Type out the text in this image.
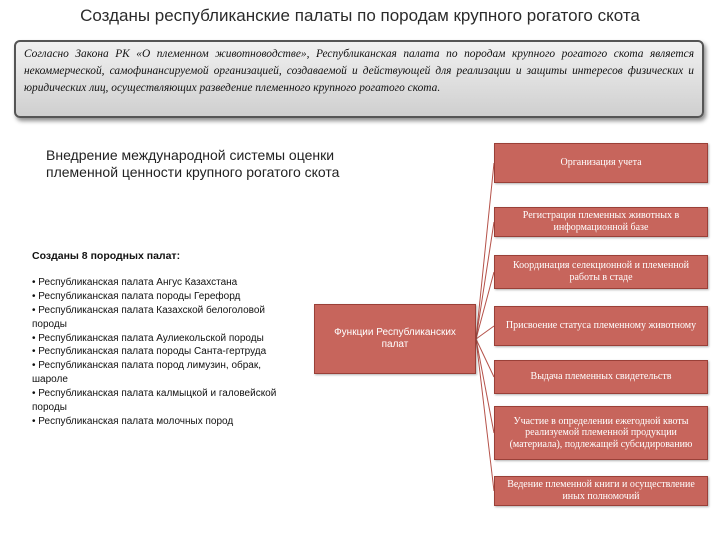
Созданы республиканские палаты по породам крупного рогатого скота
Согласно Закона РК «О племенном животноводстве», Республиканская палата по породам крупного рогатого скота является некоммерческой, самофинансируемой организацией, создаваемой и действующей для реализации и защиты интересов физических и юридических лиц, осуществляющих разведение племенного крупного рогатого скота.
Внедрение международной системы оценки племенной ценности крупного рогатого скота
Созданы 8 породных палат:
• Республиканская палата Ангус Казахстана
• Республиканская палата породы Герефорд
• Республиканская палата Казахской белоголовой породы
• Республиканская палата Аулиекольской породы
• Республиканская палата породы Санта-гертруда
• Республиканская палата пород лимузин, обрак, шароле
• Республиканская палата калмыцкой и галовейской породы
• Республиканская палата молочных пород
Функции Республиканских палат
Организация учета
Регистрация племенных животных в информационной базе
Координация селекционной и племенной работы в стаде
Присвоение статуса племенному животному
Выдача племенных свидетельств
Участие в определении ежегодной квоты реализуемой племенной продукции (материала), подлежащей субсидированию
Ведение племенной книги и осуществление иных полномочий
